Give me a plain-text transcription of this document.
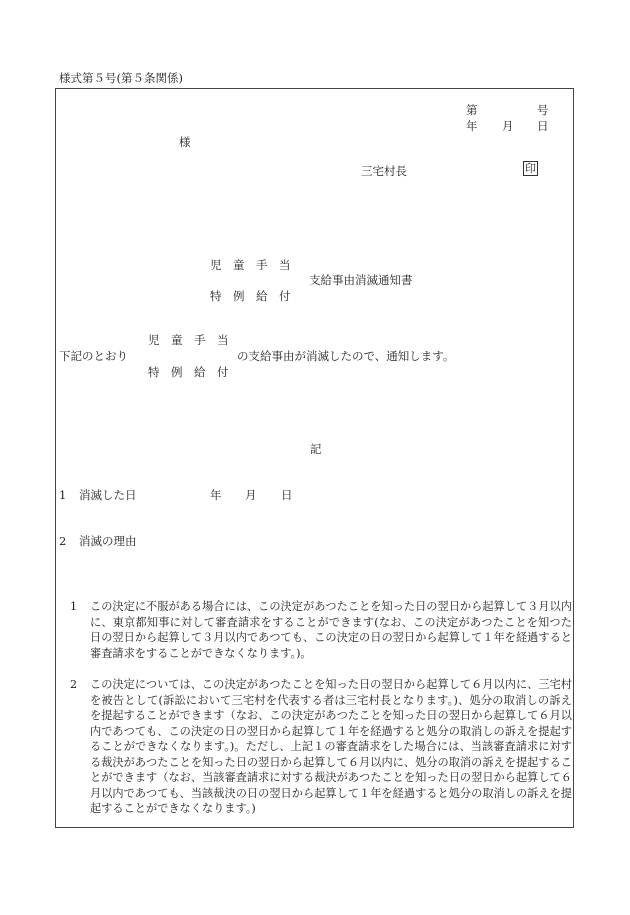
様式第５号(第５条関係)
第	号
年 月 日
様
三宅村長	印
児　童　手　当
支給事由消滅通知書
特　例　給　付
児　童　手　当
下記のとおり	の支給事由が消滅したので、通知します。
特　例　給　付
記
1 消滅した日	年 月 日
2 消滅の理由
1	この決定に不服がある場合には、この決定があつたことを知った日の翌日から起算して３月以内に、東京都知事に対して審査請求をすることができます(なお、この決定があつたことを知つた日の翌日から起算して３月以内であつても、この決定の日の翌日から起算して１年を経過すると審査請求をすることができなくなります。)。
2	この決定については、この決定があつたことを知った日の翌日から起算して６月以内に、三宅村を被告として(訴訟において三宅村を代表する者は三宅村長となります。)、処分の取消しの訴えを提起することができます（なお、この決定があつたことを知った日の翌日から起算して６月以内であつても、この決定の日の翌日から起算して１年を経過すると処分の取消しの訴えを提起することができなくなります。)。ただし、上記１の審査請求をした場合には、当該審査請求に対する裁決があつたことを知った日の翌日から起算して６月以内に、処分の取消の訴えを提起することができます（なお、当該審査請求に対する裁決があつたことを知った日の翌日から起算して６月以内であつても、当該裁決の日の翌日から起算して１年を経過すると処分の取消しの訴えを提起することができなくなります。)
